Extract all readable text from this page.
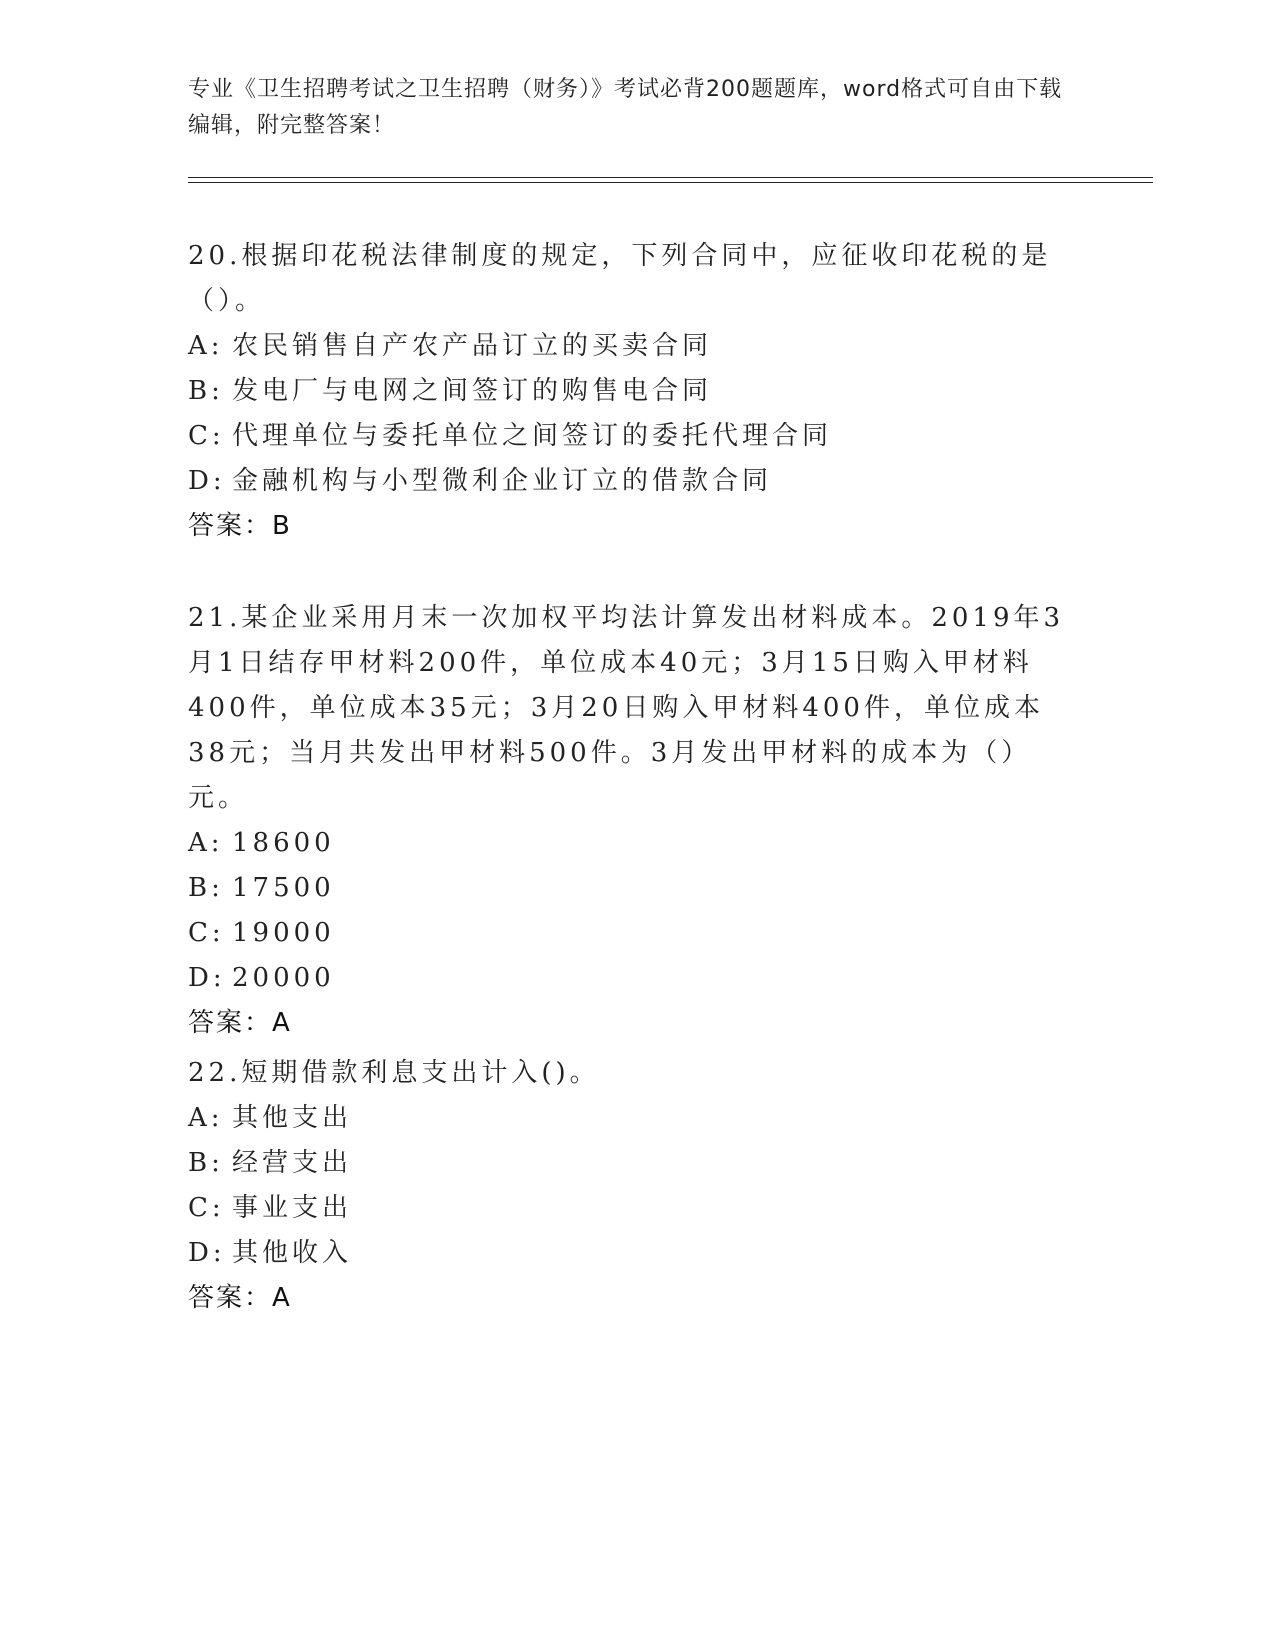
专业《卫生招聘考试之卫生招聘（财务）》考试必背200题题库，word格式可自由下载编辑，附完整答案！
20.根据印花税法律制度的规定，下列合同中，应征收印花税的是（）。
A: 农民销售自产农产品订立的买卖合同
B: 发电厂与电网之间签订的购售电合同
C: 代理单位与委托单位之间签订的委托代理合同
D: 金融机构与小型微利企业订立的借款合同
答案：B
21.某企业采用月末一次加权平均法计算发出材料成本。2019年3月1日结存甲材料200件，单位成本40元；3月15日购入甲材料400件，单位成本35元；3月20日购入甲材料400件，单位成本38元；当月共发出甲材料500件。3月发出甲材料的成本为（）元。
A: 18600
B: 17500
C: 19000
D: 20000
答案：A
22.短期借款利息支出计入()。
A: 其他支出
B: 经营支出
C: 事业支出
D: 其他收入
答案：A
